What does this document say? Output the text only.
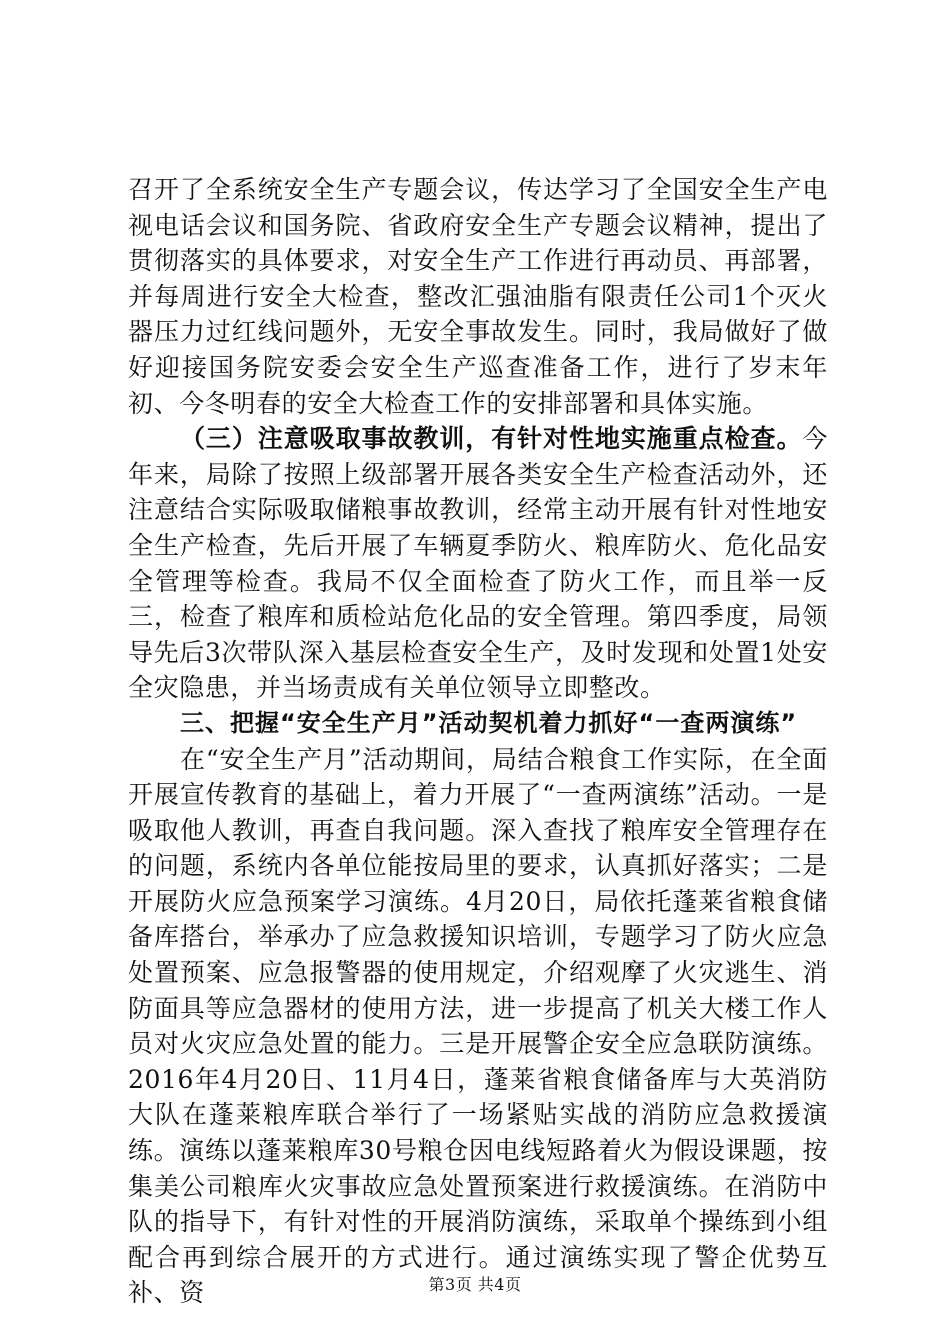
召开了全系统安全生产专题会议，传达学习了全国安全生产电视电话会议和国务院、省政府安全生产专题会议精神，提出了贯彻落实的具体要求，对安全生产工作进行再动员、再部署，并每周进行安全大检查，整改汇强油脂有限责任公司1个灭火器压力过红线问题外，无安全事故发生。同时，我局做好了做好迎接国务院安委会安全生产巡查准备工作，进行了岁末年初、今冬明春的安全大检查工作的安排部署和具体实施。

（三）注意吸取事故教训，有针对性地实施重点检查。今年来，局除了按照上级部署开展各类安全生产检查活动外，还注意结合实际吸取储粮事故教训，经常主动开展有针对性地安全生产检查，先后开展了车辆夏季防火、粮库防火、危化品安全管理等检查。我局不仅全面检查了防火工作，而且举一反三，检查了粮库和质检站危化品的安全管理。第四季度，局领导先后3次带队深入基层检查安全生产，及时发现和处置1处安全灾隐患，并当场责成有关单位领导立即整改。

三、把握“安全生产月”活动契机着力抓好“一查两演练”

在“安全生产月”活动期间，局结合粮食工作实际，在全面开展宣传教育的基础上，着力开展了“一查两演练”活动。一是吸取他人教训，再查自我问题。深入查找了粮库安全管理存在的问题，系统内各单位能按局里的要求，认真抓好落实；二是开展防火应急预案学习演练。4月20日，局依托蓬莱省粮食储备库搭台，举承办了应急救援知识培训，专题学习了防火应急处置预案、应急报警器的使用规定，介绍观摩了火灾逃生、消防面具等应急器材的使用方法，进一步提高了机关大楼工作人员对火灾应急处置的能力。三是开展警企安全应急联防演练。2016年4月20日、11月4日，蓬莱省粮食储备库与大英消防大队在蓬莱粮库联合举行了一场紧贴实战的消防应急救援演练。演练以蓬莱粮库30号粮仓因电线短路着火为假设课题，按集美公司粮库火灾事故应急处置预案进行救援演练。在消防中队的指导下，有针对性的开展消防演练，采取单个操练到小组配合再到综合展开的方式进行。通过演练实现了警企优势互补、资	第3页 共4页
